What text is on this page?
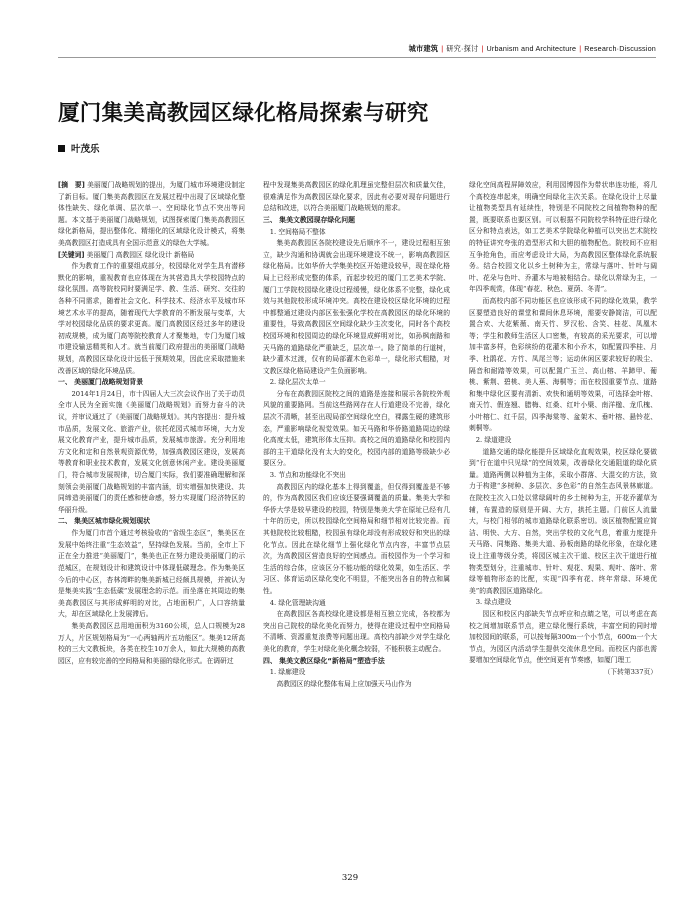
城市建筑 | 研究·探讨 | Urbanism and Architecture | Research·Discussion
厦门集美高教园区绿化格局探索与研究
叶茂乐

[摘　要] 美丽厦门战略规划的提出，为厦门城市环境建设制定了新目标。厦门集美高教园区在发展过程中出现了区域绿化整体性缺失、绿化单调、层次单一、空间绿化节点不突出等问题。本文基于美丽厦门战略规划，试图探索厦门集美高教园区绿化新格局，提出整体化、精细化的区域绿化设计模式，将集美高教园区打造成具有全国示范意义的绿色大学城。

[关键词] 美丽厦门 高教园区 绿化设计 新格局

作为教育工作的重要组成部分，校园绿化对学生具有潜移默化的影响，重视教育也应体现在为其营造具大学校园特点的绿化氛围。高等院校同时要满足学、教、生活、研究、交往的各种不同需求，随着社会文化、科学技术、经济水平及城市环境艺术水平的提高，随着现代大学教育的不断发展与变革，大学对校园绿化品质的要求更高。厦门高教园区经过多年的建设初成规模，成为厦门高等院校教育人才聚集地，专门为厦门城市建设输送精英和人才。就当前厦门政府提出的美丽厦门战略规划，高教园区绿化设计远低于预期效果，因此应采取措施来改善区域的绿化环境品质。

一、 美丽厦门战略规划背景

2014年1月24日，市十四届人大三次会议作出了关于动员全市人民为全面实施《美丽厦门战略规划》而努力奋斗的决议，并审议通过了《美丽厦门战略规划》。其内容提出：提升城市品质，发展文化、旅游产业，依托花园式城市环境，大力发展文化教育产业，提升城市品质，发展城市旅游。充分利用地方文化和定和自然景观资源优势，加强高教园区建设，发展高等教育和职业技术教育，发展文化创意休闲产业。建设美丽厦门，符合城市发展规律，切合厦门实际，我们要准确理解和深刻领会美丽厦门战略规划的丰富内涵，切实增强加快建设、共同缔造美丽厦门的责任感和使命感，努力实现厦门经济特区的华丽升级。

二、 集美区城市绿化规划现状

作为厦门市首个通过考核验收的“省级生态区”，集美区在发展中始终注重“生态效益”，坚持绿色发展。当前，全市上下正在全力推进“美丽厦门”，集美也正在努力建设美丽厦门的示范城区，在规划设计和建筑设计中体现低碳理念。作为集美区今后的中心区，杏林湾畔的集美新城已经颇具规模，并被认为是集美实践“生态低碳”发展理念的示范。而坐落在其周边的集美高教园区与其形成鲜明的对比，占地面积广，人口容纳量大，却在区域绿化上发展滞后。

集美高教园区总用地面积为3160公顷，总人口规模为28万人，片区规划格局为“一心两轴两片五功能区”。集美12所高校的三大文教板块，各类在校生10万余人，如此大规模的高教园区，应有较完善的空间格局和美丽的绿化形式。在调研过

程中发现集美高教园区的绿化肌理虽完整但层次和质量欠佳，很难满足作为高教园区绿化要求，因此有必要对现存问题进行总结和改进，以符合美丽厦门战略规划的需求。

三、 集美文教园现存绿化问题
1. 空间格局不整体

集美高教园区各院校建设先后顺序不一，建设过程相互独立，缺少沟通和协调就会出现环境建设不统一，影响高教园区绿化格局。比如华侨大学集美校区开始建设较早，现在绿化格局上已经形成完整的体系，而起步较迟的厦门工艺美术学院、厦门工学院校园绿化建设过程缓慢，绿化体系不完整，绿化成效与其他院校形成环境冲突。高校在建设校区绿化环境的过程中都整通过建设内部区张张强化学校在高教园区的绿化环境的重要性，导致高教园区空间绿化缺少主次变化，同时各个高校校园环境和校园周边的绿化环境显成鲜明对比，如孙枫南路和天马路的道路绿化严重缺乏，层次单一。除了简单的行道树，缺少灌木过渡，仅有的局部灌木色彩单一，绿化形式粗糙，对文教区绿化格局建设产生负面影响。

2. 绿化层次太单一

分布在高教园区院校之间的道路是连接和展示各院校外观风貌的重要路网。当前这些路网存在人行道建设不完善，绿化层次不清晰，甚至出现局部空间绿化空白，裸露生硬的建筑形态，严重影响绿化视觉效果。如天马路和华侨路道路周边的绿化高度太低，建筑形体太压抑。高校之间的道路绿化和校园内部的主干道绿化没有太大的变化，校园内部的道路等级缺少必要区分。

3. 节点和功能绿化不突出

高教园区内的绿化基本上得到覆盖，但仅得到覆盖是不够的，作为高教园区我们应该还要强调覆盖的质量。集美大学和华侨大学是较早建设的校园，特别是集美大学在原址已经有几十年的历史，所以校园绿化空间格局和细节相对比较完善。而其他院校比较粗糙，校园虽有绿化却没有形成较好和突出的绿化节点。因此在绿化细节上强化绿化节点内容，丰富节点层次，为高教园区营造良好的空间感点。而校园作为一个学习和生活的综合体，应该区分不能功能的绿化效果，如生活区、学习区、体育运动区绿化变化不明显，不能突出各自的特点和属性。

4. 绿化管理缺沟通

在高教园区各高校绿化建设都是相互独立完成，各校都为突出自己院校的绿化美化而努力，使得在建设过程中空间格局不清晰、资源重复浪费等问题出现。高校内部缺少对学生绿化美化的教育，学生对绿化美化概念较弱，不能积极主动配合。

四、 集美文教区绿化“新格局”塑造手法
1. 绿廊建设

高教园区的绿化整体布局上应加强天马山作为

绿化空间高程屏障效应，利用园博园作为带状串连功能，将几个高校连串起来，明确空间绿化主次关系。在绿化设计上尽量让植物类型具有延续性，特别是不同院校之间植物物种的配置，既要联系也要区别。可以根据不同院校学科特征进行绿化区分和特点表达，如工艺美术学院绿化种植可以突出艺术院校的特征讲究夸张的造型形式和大胆的植物配色。院校间不应相互争抢角色，而应考虑设计大局，为高教园区整体绿化系统服务。结合校园文化以乡土树种为主，常绿与落叶、针叶与阔叶、花朵与色叶、乔灌木与地被相结合。绿化以常绿为主，一年四季观赏，体现“春花、秋色、夏荫、冬青”。

而高校内部不同功能区也应该形成不同的绿化效果，教学区要塑造良好的课堂和课间休息环境，需要安静简洁，可以配置合欢、大花紫薇、南天竹、罗汉松、含笑、桂花、凤凰木等；学生和教师生活区人口密集，有较高的采光要求，可以增加丰富多样，色彩缤纷的花灌木和小乔木，如配置四季桂、月季、杜鹃花、方竹、凤尾兰等；运动休闲区要求较好的吸尘、隔音和耐踏等效果，可以配置广玉兰、高山榕、羊蹄甲、葡桃、紫荆、碧桃、美人蕉、海桐等；而在校园重要节点、道路和集中绿化区要有清新、欢快和通明等效果，可选择金叶榕、南天竹、假连翘、腊梅、红桑、红叶小檗、南洋楹、龙爪槐、小叶榕仁、红千层，四季海棠等、盆架木、垂叶榕、悬铃花、刺桐等。

2. 绿道建设

道路交通的绿化能提升区域绿化直观效果，校区绿化要做到“行在道中只见绿”的空间效果，改善绿化交通阻道的绿化质量。道路两侧以种植为主体，采取小群落、大混交的方法，致力于构建“多树种、多层次、多色彩”的自然生态风景林廊道。在院校主次入口处以常绿阔叶的乡土树种为主，开花乔灌草为辅，布置造的原则是开阔、大方，拱托主题。门前区人流量大，与校门相邻的城市道路绿化联系密切。该区植物配置应简洁、明快、大方、自然，突出学校的文化气息，着重力度提升天马路、同集路、集美大道、孙板南路的绿化形象，在绿化建设上注重等级分类，将园区城主次干道、校区主次干道进行植物类型划分，注重城市、针叶、观花、观果、观叶、落叶、常绿等植物形态的比配，实现“四季有花、终年常绿、环境优美”的高教园区道路绿化。

3. 绿点建设

园区和校区内部缺失节点呼应和点睛之笔，可以考虑在高校之间增加联系节点，建立绿化慢行系统，丰富空间的同时增加校园间的联系，可以按每隔300m一个小节点，600m一个大节点，为园区内活动学生提供交流休息空间。而校区内部也需要增加空间绿化节点，使空间更有节奏感，如厦门理工

（下转第337页）

329
